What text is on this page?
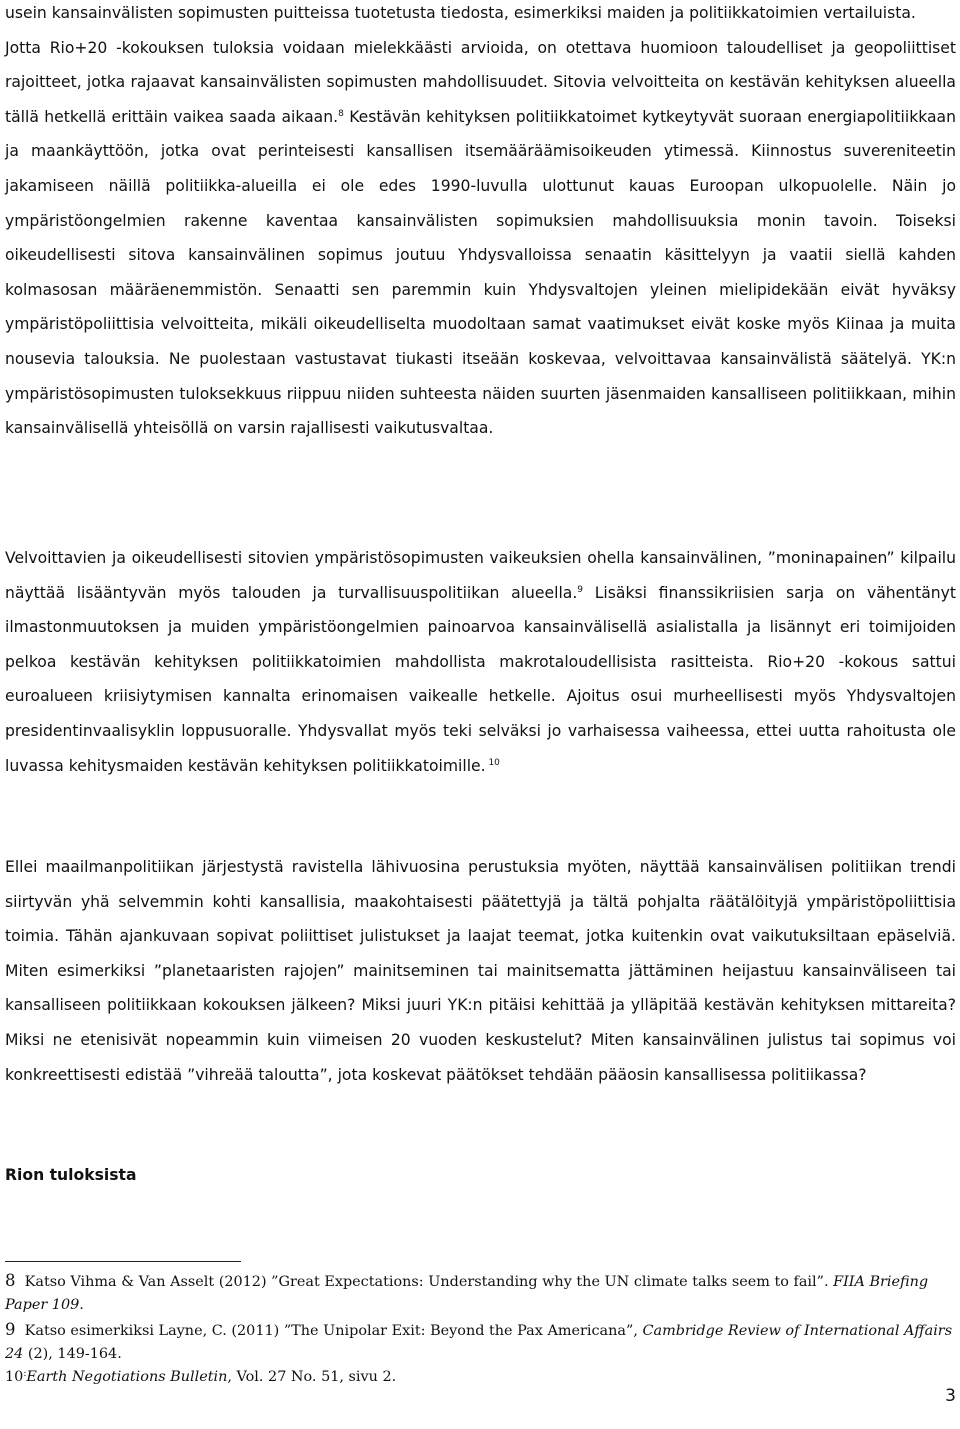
usein kansainvälisten sopimusten puitteissa tuotetusta tiedosta, esimerkiksi maiden ja politiikkatoimien vertailuista.
Jotta Rio+20 -kokouksen tuloksia voidaan mielekkäästi arvioida, on otettava huomioon taloudelliset ja geopoliittiset rajoitteet, jotka rajaavat kansainvälisten sopimusten mahdollisuudet. Sitovia velvoitteita on kestävän kehityksen alueella tällä hetkellä erittäin vaikea saada aikaan.$^8$ Kestävän kehityksen politiikkatoimet kytkeytyvät suoraan energiapolitiikkaan ja maankäyttöön, jotka ovat perinteisesti kansallisen itsemääräämisoikeuden ytimessä. Kiinnostus suvereniteetin jakamiseen näillä politiikka-alueilla ei ole edes 1990-luvulla ulottunut kauas Euroopan ulkopuolelle. Näin jo ympäristöongelmien rakenne kaventaa kansainvälisten sopimuksien mahdollisuuksia monin tavoin. Toiseksi oikeudellisesti sitova kansainvälinen sopimus joutuu Yhdysvalloissa senaatin käsittelyyn ja vaatii siellä kahden kolmasosan määräenemmistön. Senaatti sen paremmin kuin Yhdysvaltojen yleinen mielipidekään eivät hyväksy ympäristöpoliittisia velvoitteita, mikäli oikeudelliselta muodoltaan samat vaatimukset eivät koske myös Kiinaa ja muita nousevia talouksia. Ne puolestaan vastustavat tiukasti itseään koskevaa, velvoittavaa kansainvälistä säätelyä. YK:n ympäristösopimusten tuloksekkuus riippuu niiden suhteesta näiden suurten jäsenmaiden kansalliseen politiikkaan, mihin kansainvälisellä yhteisöllä on varsin rajallisesti vaikutusvaltaa.

Velvoittavien ja oikeudellisesti sitovien ympäristösopimusten vaikeuksien ohella kansainvälinen, ”moninapainen” kilpailu näyttää lisääntyvän myös talouden ja turvallisuuspolitiikan alueella.$^9$ Lisäksi finanssikriisien sarja on vähentänyt ilmastonmuutoksen ja muiden ympäristöongelmien painoarvoa kansainvälisellä asialistalla ja lisännyt eri toimijoiden pelkoa kestävän kehityksen politiikkatoimien mahdollista makrotaloudellisista rasitteista. Rio+20 -kokous sattui euroalueen kriisiytymisen kannalta erinomaisen vaikealle hetkelle. Ajoitus osui murheellisesti myös Yhdysvaltojen presidentinvaalisyklin loppusuoralle. Yhdysvallat myös teki selväksi jo varhaisessa vaiheessa, ettei uutta rahoitusta ole luvassa kehitysmaiden kestävän kehityksen politiikkatoimille. $^{10}$

Ellei maailmanpolitiikan järjestystä ravistella lähivuosina perustuksia myöten, näyttää kansainvälisen politiikan trendi siirtyvän yhä selvemmin kohti kansallisia, maakohtaisesti päätettyjä ja tältä pohjalta räätälöityjä ympäristöpoliittisia toimia. Tähän ajankuvaan sopivat poliittiset julistukset ja laajat teemat, jotka kuitenkin ovat vaikutuksiltaan epäselviä. Miten esimerkiksi ”planetaaristen rajojen” mainitseminen tai mainitsematta jättäminen heijastuu kansainväliseen tai kansalliseen politiikkaan kokouksen jälkeen? Miksi juuri YK:n pitäisi kehittää ja ylläpitää kestävän kehityksen mittareita? Miksi ne etenisivät nopeammin kuin viimeisen 20 vuoden keskustelut? Miten kansainvälinen julistus tai sopimus voi konkreettisesti edistää ”vihreää taloutta”, jota koskevat päätökset tehdään pääosin kansallisessa politiikassa?

Rion tuloksista

8 Katso Vihma & Van Asselt (2012) ”Great Expectations: Understanding why the UN climate talks seem to fail”. FIIA Briefing Paper 109.

9 Katso esimerkiksi Layne, C. (2011) ”The Unipolar Exit: Beyond the Pax Americana”, Cambridge Review of International Affairs 24 (2), 149-164.

10:Earth Negotiations Bulletin, Vol. 27 No. 51, sivu 2.

3
